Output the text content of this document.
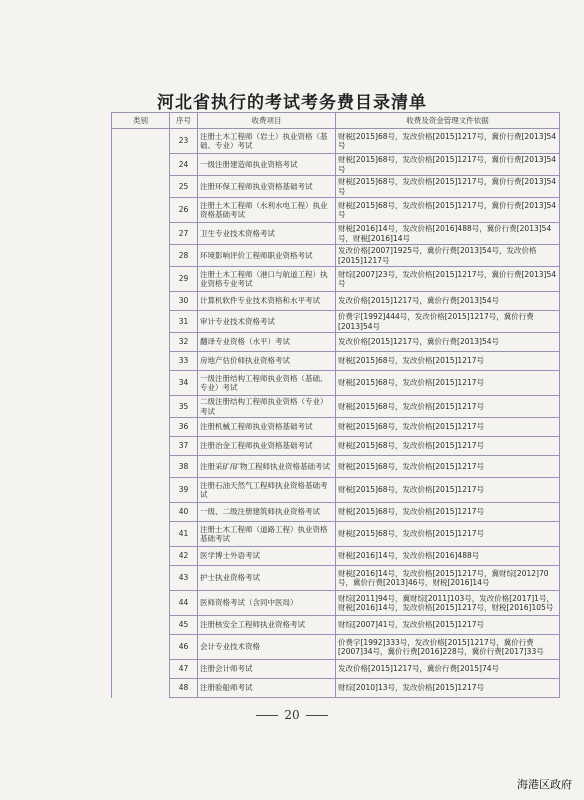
河北省执行的考试考务费目录清单
类别	序号	收费项目	收费及资金管理文件依据
	23	注册土木工程师（岩土）执业资格（基础、专业）考试	财税[2015]68号，发改价格[2015]1217号，冀价行费[2013]54号
	24	一级注册建造师执业资格考试	财税[2015]68号，发改价格[2015]1217号，冀价行费[2013]54号
	25	注册环保工程师执业资格基础考试	财税[2015]68号，发改价格[2015]1217号，冀价行费[2013]54号
	26	注册土木工程师（水利水电工程）执业资格基础考试	财税[2015]68号，发改价格[2015]1217号，冀价行费[2013]54号
	27	卫生专业技术资格考试	财税[2016]14号，发改价格[2016]488号，冀价行费[2013]54号，财税[2016]14号
	28	环境影响评价工程师职业资格考试	发改价格[2007]1925号，冀价行费[2013]54号，发改价格[2015]1217号
	29	注册土木工程师（港口与航道工程）执业资格专业考试	财综[2007]23号，发改价格[2015]1217号，冀价行费[2013]54号
	30	计算机软件专业技术资格和水平考试	发改价格[2015]1217号，冀价行费[2013]54号
	31	审计专业技术资格考试	价费字[1992]444号，发改价格[2015]1217号，冀价行费[2013]54号
	32	翻译专业资格（水平）考试	发改价格[2015]1217号，冀价行费[2013]54号
	33	房地产估价师执业资格考试	财税[2015]68号，发改价格[2015]1217号
	34	一级注册结构工程师执业资格（基础、专业）考试	财税[2015]68号，发改价格[2015]1217号
	35	二级注册结构工程师执业资格（专业）考试	财税[2015]68号，发改价格[2015]1217号
	36	注册机械工程师执业资格基础考试	财税[2015]68号，发改价格[2015]1217号
	37	注册冶金工程师执业资格基础考试	财税[2015]68号，发改价格[2015]1217号
	38	注册采矿/矿物工程师执业资格基础考试	财税[2015]68号，发改价格[2015]1217号
	39	注册石油天然气工程师执业资格基础考试	财税[2015]68号，发改价格[2015]1217号
	40	一级、二级注册建筑师执业资格考试	财税[2015]68号，发改价格[2015]1217号
	41	注册土木工程师（道路工程）执业资格基础考试	财税[2015]68号，发改价格[2015]1217号
	42	医学博士外语考试	财税[2016]14号，发改价格[2016]488号
	43	护士执业资格考试	财税[2016]14号，发改价格[2015]1217号，冀财综[2012]70号，冀价行费[2013]46号，财税[2016]14号
	44	医师资格考试（含同中医局）	财综[2011]94号，冀财综[2011]103号，发改价格[2017]1号，财税[2016]14号，发改价格[2015]1217号，财税[2016]105号
	45	注册核安全工程师执业资格考试	财综[2007]41号，发改价格[2015]1217号
	46	会计专业技术资格	价费字[1992]333号，发改价格[2015]1217号，冀价行费[2007]34号，冀价行费[2016]228号，冀价行费[2017]33号
	47	注册会计师考试	发改价格[2015]1217号，冀价行费[2015]74号
	48	注册验船师考试	财综[2010]13号，发改价格[2015]1217号
20
海港区政府
